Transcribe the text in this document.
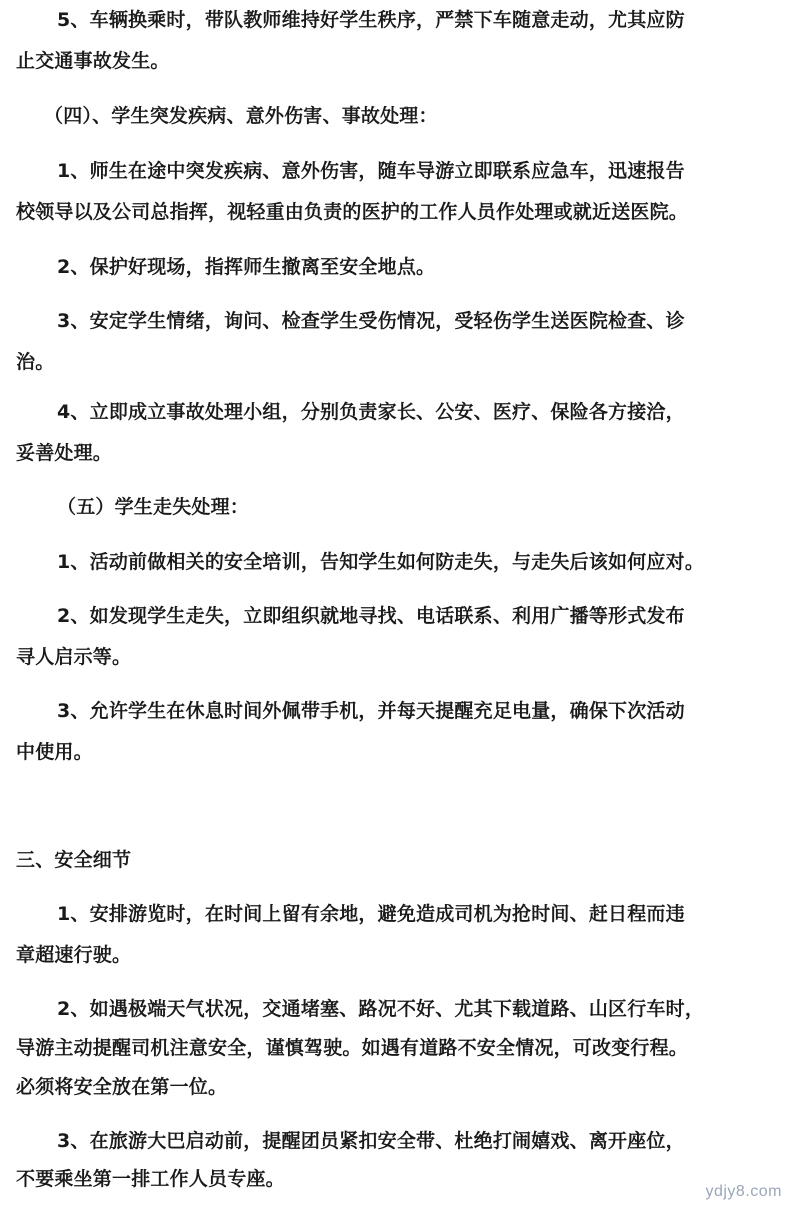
5、车辆换乘时，带队教师维持好学生秩序，严禁下车随意走动，尤其应防
止交通事故发生。
（四）、学生突发疾病、意外伤害、事故处理：
1、师生在途中突发疾病、意外伤害，随车导游立即联系应急车，迅速报告
校领导以及公司总指挥，视轻重由负责的医护的工作人员作处理或就近送医院。
2、保护好现场，指挥师生撤离至安全地点。
3、安定学生情绪，询问、检查学生受伤情况，受轻伤学生送医院检查、诊
治。
4、立即成立事故处理小组，分别负责家长、公安、医疗、保险各方接洽，
妥善处理。
（五）学生走失处理：
1、活动前做相关的安全培训，告知学生如何防走失，与走失后该如何应对。
2、如发现学生走失，立即组织就地寻找、电话联系、利用广播等形式发布
寻人启示等。
3、允许学生在休息时间外佩带手机，并每天提醒充足电量，确保下次活动
中使用。
三、安全细节
1、安排游览时，在时间上留有余地，避免造成司机为抢时间、赶日程而违
章超速行驶。
2、如遇极端天气状况，交通堵塞、路况不好、尤其下载道路、山区行车时，
导游主动提醒司机注意安全，谨慎驾驶。如遇有道路不安全情况，可改变行程。
必须将安全放在第一位。
3、在旅游大巴启动前，提醒团员紧扣安全带、杜绝打闹嬉戏、离开座位，
不要乘坐第一排工作人员专座。
ydjy8.com
